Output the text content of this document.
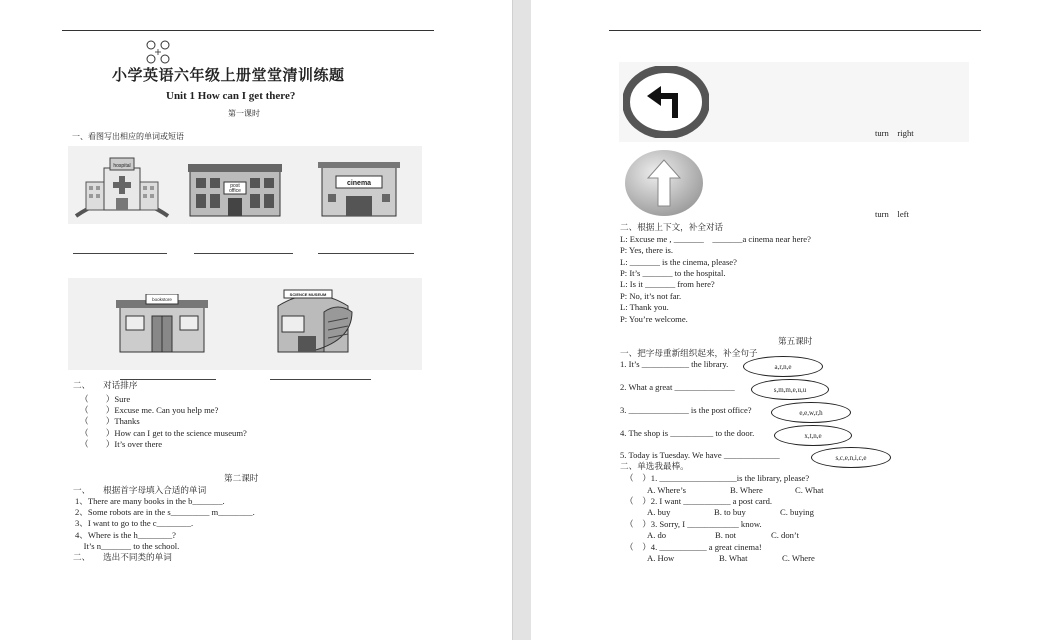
小学英语六年级上册堂堂清训练题
Unit 1 How can I get there?
第一课时
一、看图写出相应的单词或短语
hospital
post
office
cinema
bookstore
SCIENCE MUSEUM
二、　　对话排序
（　　）Sure
（　　）Excuse me. Can you help me?
（　　）Thanks
（　　）How can I get to the science museum?
（　　）It’s over there
第二课时
一、　　根据首字母填入合适的单词
1、There are many books in the b_______.
2、Some robots are in the s_________ m________.
3、I want to go to the c________.
4、Where is the h________?
　It’s n_______ to the school.
二、　　选出不同类的单词
turn　right
turn　left
二、根据上下文，补全对话
L: Excuse me , _______　_______a cinema near here?
P: Yes, there is.
L: _______ is the cinema, please?
P: It’s _______ to the hospital.
L: Is it _______ from here?
P: No, it’s not far.
L: Thank you.
P: You’re welcome.
第五课时
一、把字母重新组织起来，补全句子
1. It’s ___________ the library.	a,r,n,e
2. What a great ______________	s,m,m,e,u,u
3. ______________ is the post office?	e,e,w,r,h
4. The shop is __________ to the door.	x,t,n,e
5. Today is Tuesday. We have _____________	s,c,e,n,i,c,e
二、单选我最棒。
（　）1. __________________is the library, please?
A. Where’s	B. Where	C. What
（　）2. I want ___________ a post card.
A. buy	B. to buy	C. buying
（　）3. Sorry, I ____________ know.
A. do	B. not	C. don’t
（　）4. ___________ a great cinema!
A. How	B. What	C. Where
